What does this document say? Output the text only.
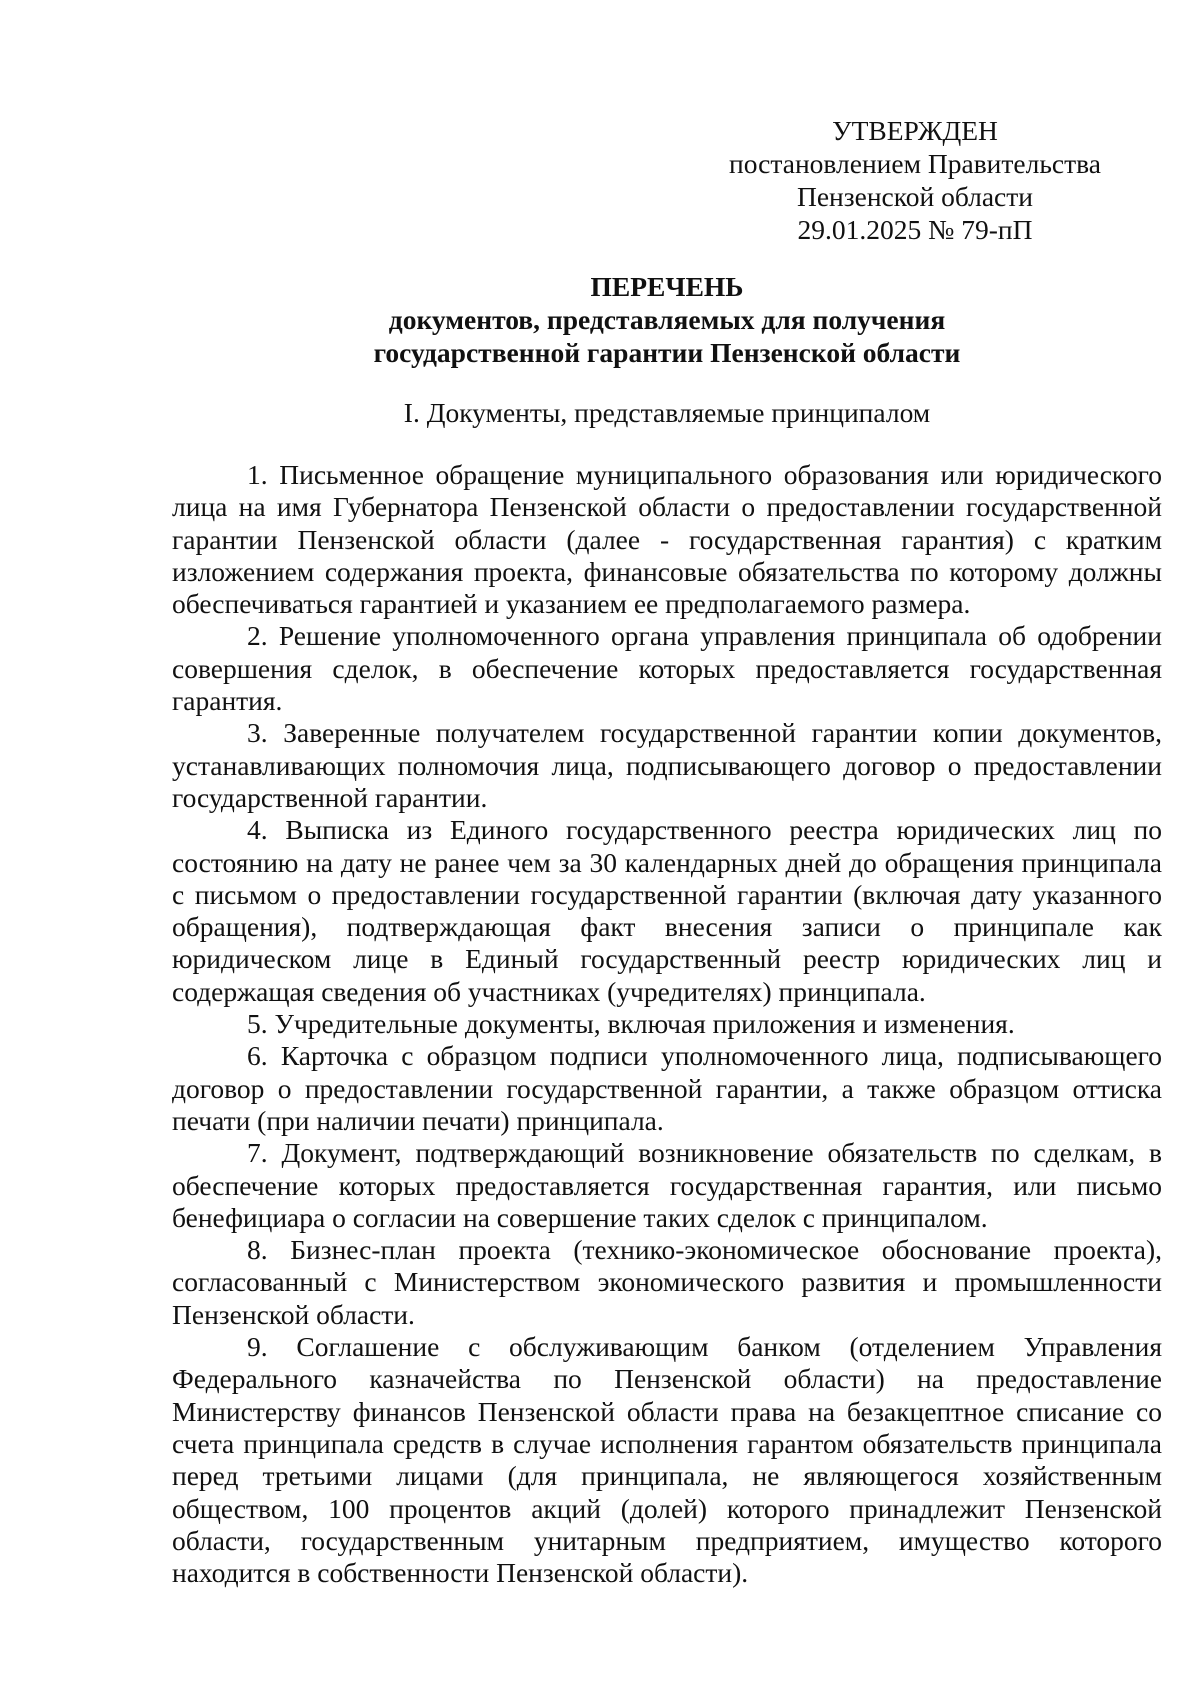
УТВЕРЖДЕН
постановлением Правительства
Пензенской области
29.01.2025 № 79-пП
ПЕРЕЧЕНЬ
документов, представляемых для получения
государственной гарантии Пензенской области
I. Документы, представляемые принципалом

1. Письменное обращение муниципального образования или юридического лица на имя Губернатора Пензенской области о предоставлении государственной гарантии Пензенской области (далее - государственная гарантия) с кратким изложением содержания проекта, финансовые обязательства по которому должны обеспечиваться гарантией и указанием ее предполагаемого размера.

2. Решение уполномоченного органа управления принципала об одобрении совершения сделок, в обеспечение которых предоставляется государственная гарантия.

3. Заверенные получателем государственной гарантии копии документов, устанавливающих полномочия лица, подписывающего договор о предоставлении государственной гарантии.

4. Выписка из Единого государственного реестра юридических лиц по состоянию на дату не ранее чем за 30 календарных дней до обращения принципала с письмом о предоставлении государственной гарантии (включая дату указанного обращения), подтверждающая факт внесения записи о принципале как юридическом лице в Единый государственный реестр юридических лиц и содержащая сведения об участниках (учредителях) принципала.

5. Учредительные документы, включая приложения и изменения.

6. Карточка с образцом подписи уполномоченного лица, подписывающего договор о предоставлении государственной гарантии, а также образцом оттиска печати (при наличии печати) принципала.

7. Документ, подтверждающий возникновение обязательств по сделкам, в обеспечение которых предоставляется государственная гарантия, или письмо бенефициара о согласии на совершение таких сделок с принципалом.

8. Бизнес-план проекта (технико-экономическое обоснование проекта), согласованный с Министерством экономического развития и промышленности Пензенской области.

9. Соглашение с обслуживающим банком (отделением Управления Федерального казначейства по Пензенской области) на предоставление Министерству финансов Пензенской области права на безакцептное списание со счета принципала средств в случае исполнения гарантом обязательств принципала перед третьими лицами (для принципала, не являющегося хозяйственным обществом, 100 процентов акций (долей) которого принадлежит Пензенской области, государственным унитарным предприятием, имущество которого находится в собственности Пензенской области).
